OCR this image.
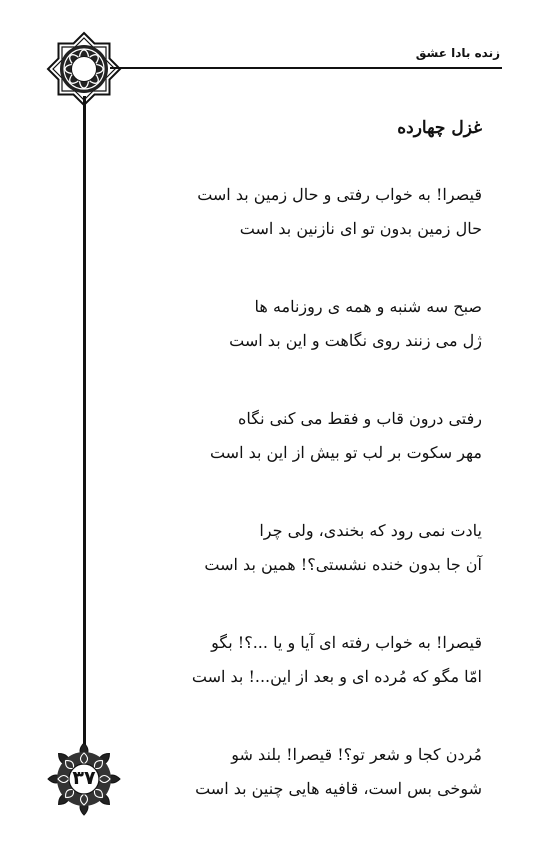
زنده بادا عشق
غزل چهارده
قیصرا! به خواب رفتی و حال زمین بد است
حال زمین بدون تو ای نازنین بد است
صبح سه شنبه و همه ی روزنامه ها
ژل می زنند روی نگاهت و این بد است
رفتی درون قاب و فقط می کنی نگاه
مهر سکوت بر لب تو بیش از این بد است
یادت نمی رود که بخندی، ولی چرا
آن جا بدون خنده نشستی؟! همین بد است
قیصرا! به خواب رفته ای آیا و یا ...؟! بگو
امّا مگو که مُرده ای و بعد از این...! بد است
مُردن کجا و شعر تو؟! قیصرا! بلند شو
شوخی بس است، قافیه هایی چنین بد است
۳۷
